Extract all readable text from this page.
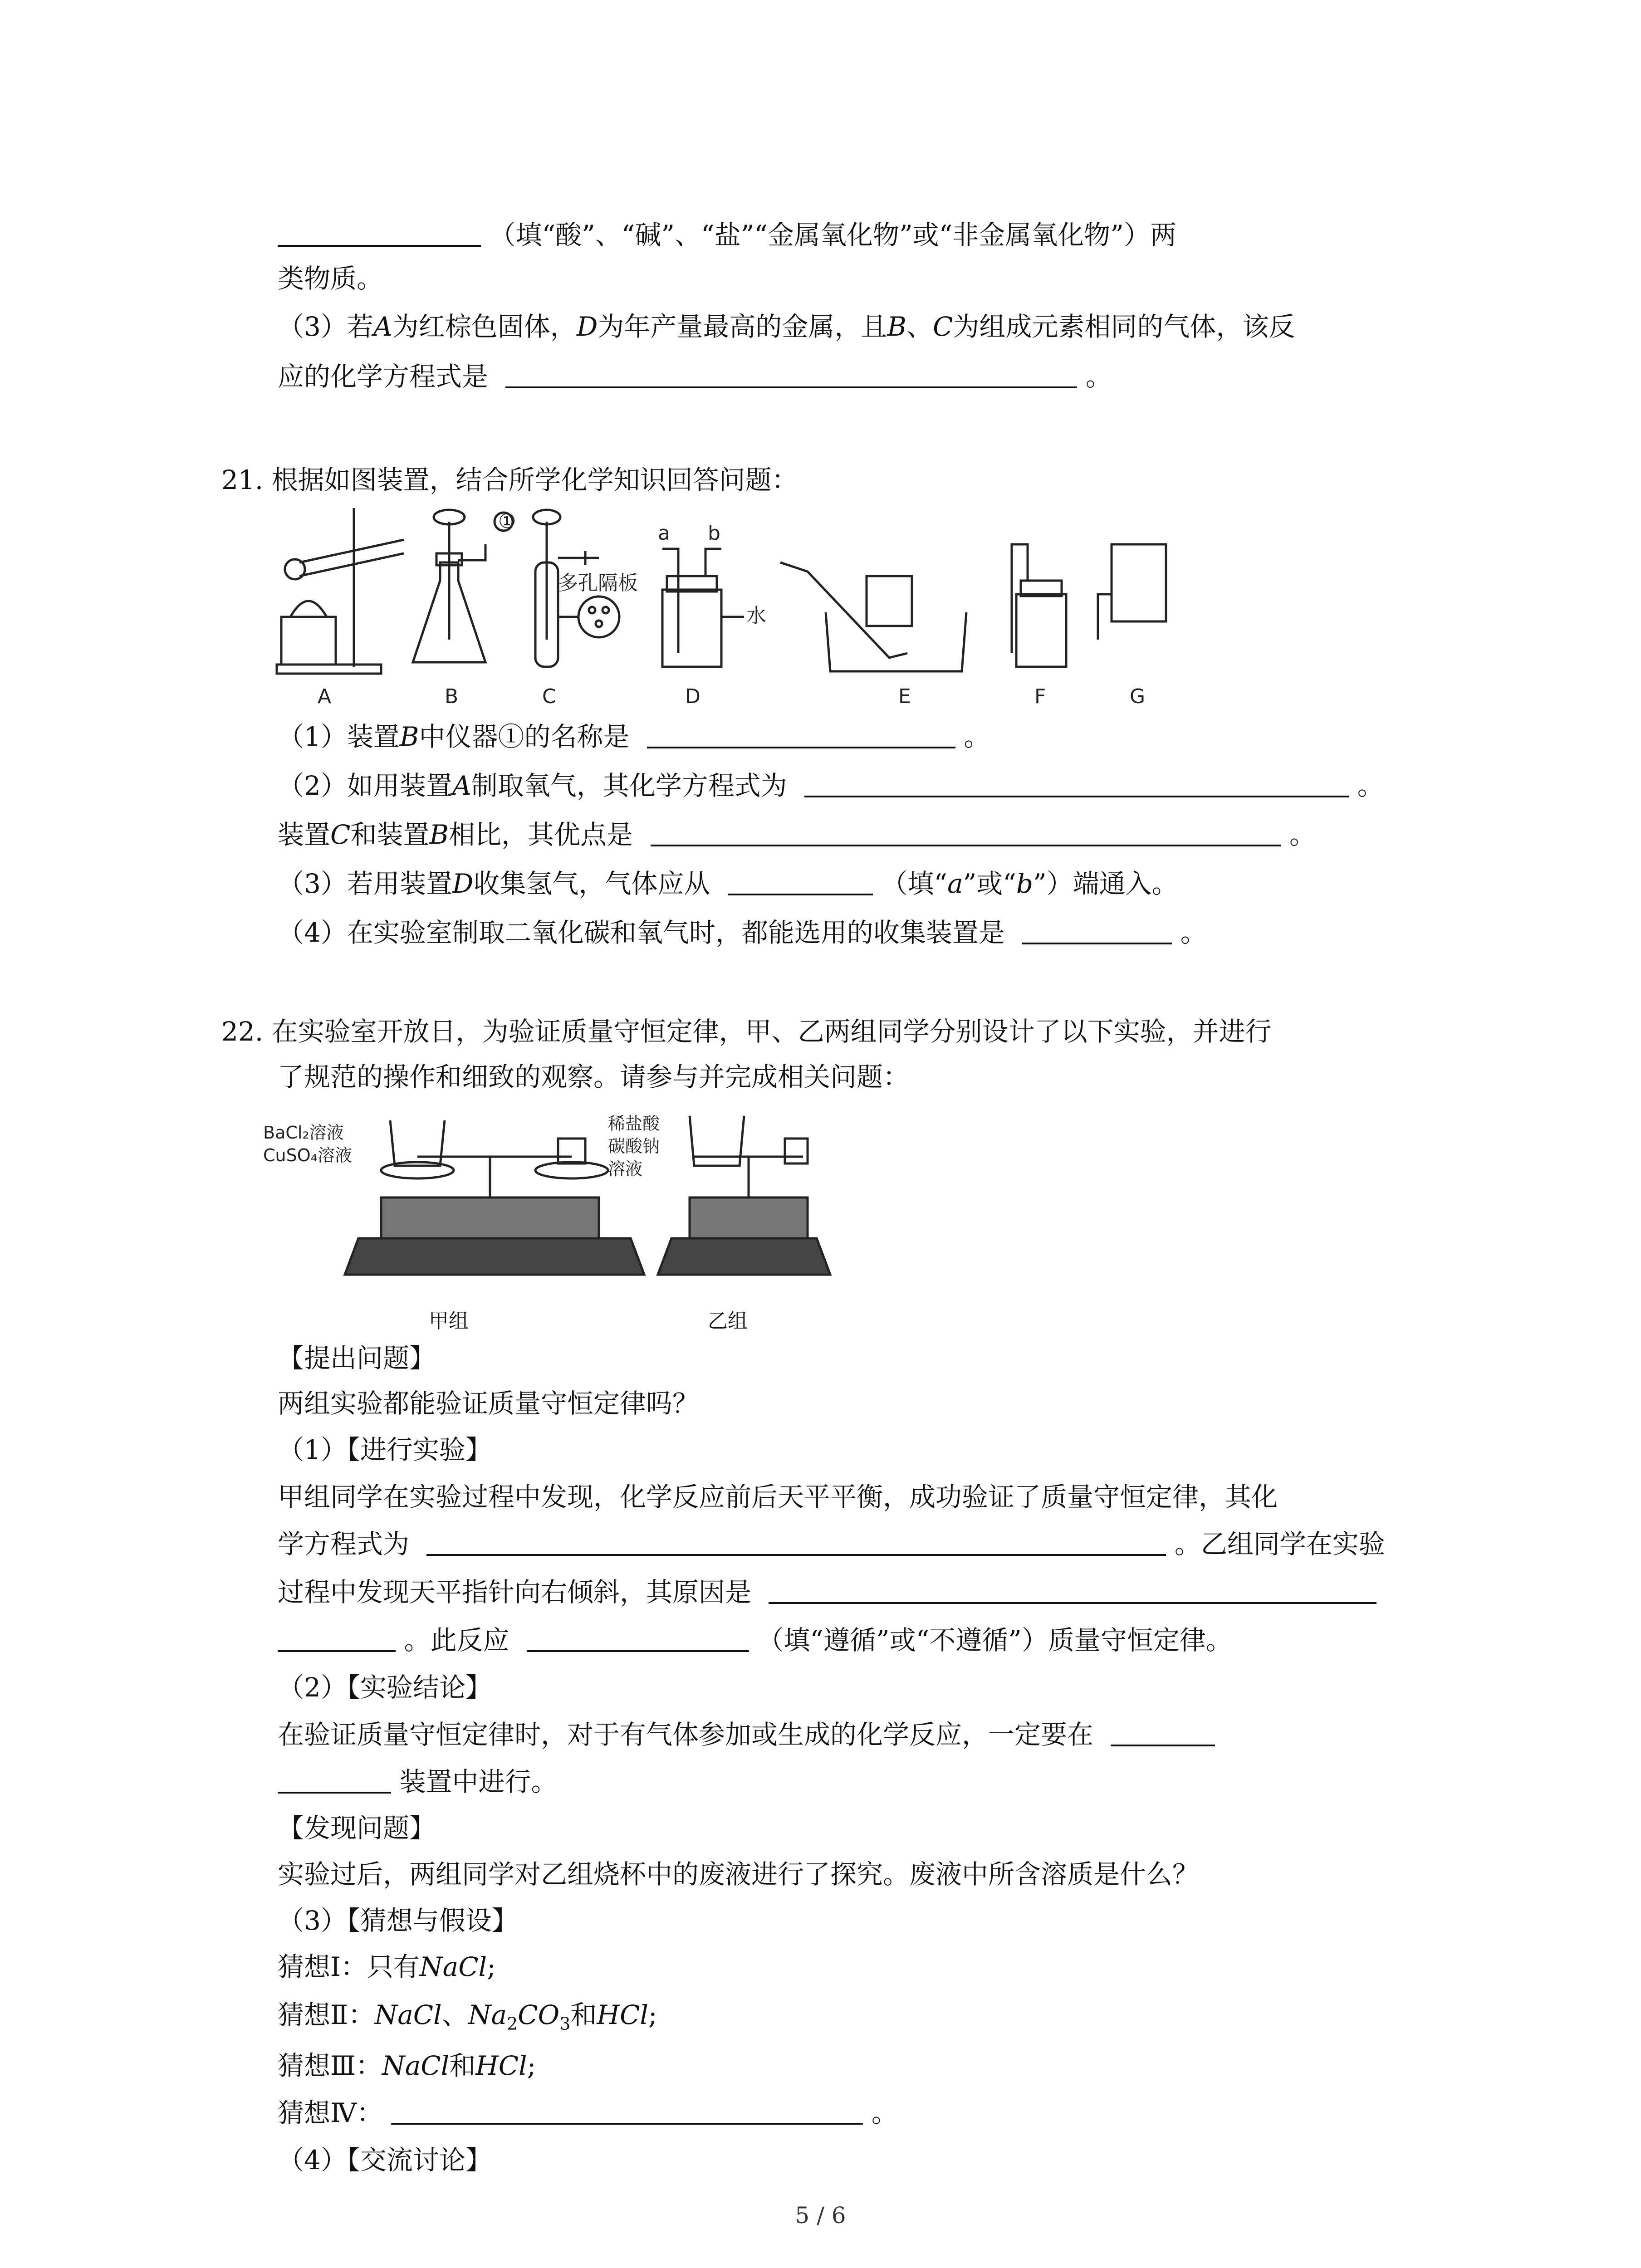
（填“酸”、“碱”、“盐”“金属氧化物”或“非金属氧化物”）两
类物质。
（3）若A为红棕色固体，D为年产量最高的金属，且B、C为组成元素相同的气体，该反
应的化学方程式是	。
21. 根据如图装置，结合所学化学知识回答问题：
A	B	C	D	E	F	G
①
多孔隔板
a b
水
（1）装置B中仪器①的名称是	。
（2）如用装置A制取氧气，其化学方程式为	。
装置C和装置B相比，其优点是	。
（3）若用装置D收集氢气，气体应从	（填“a”或“b”）端通入。
（4）在实验室制取二氧化碳和氧气时，都能选用的收集装置是	。
22. 在实验室开放日，为验证质量守恒定律，甲、乙两组同学分别设计了以下实验，并进行
了规范的操作和细致的观察。请参与并完成相关问题：
BaCl₂溶液
CuSO₄溶液
稀盐酸
碳酸钠
溶液
甲组	乙组
【提出问题】
两组实验都能验证质量守恒定律吗？
（1）【进行实验】
甲组同学在实验过程中发现，化学反应前后天平平衡，成功验证了质量守恒定律，其化
学方程式为	。乙组同学在实验
过程中发现天平指针向右倾斜，其原因是
。此反应	（填“遵循”或“不遵循”）质量守恒定律。
（2）【实验结论】
在验证质量守恒定律时，对于有气体参加或生成的化学反应，一定要在
装置中进行。
【发现问题】
实验过后，两组同学对乙组烧杯中的废液进行了探究。废液中所含溶质是什么？
（3）【猜想与假设】
猜想Ⅰ：只有NaCl;
猜想Ⅱ：NaCl、$Na_2CO_3$和HCl;
猜想Ⅲ：NaCl和HCl;
猜想Ⅳ：	。
（4）【交流讨论】
5 / 6
